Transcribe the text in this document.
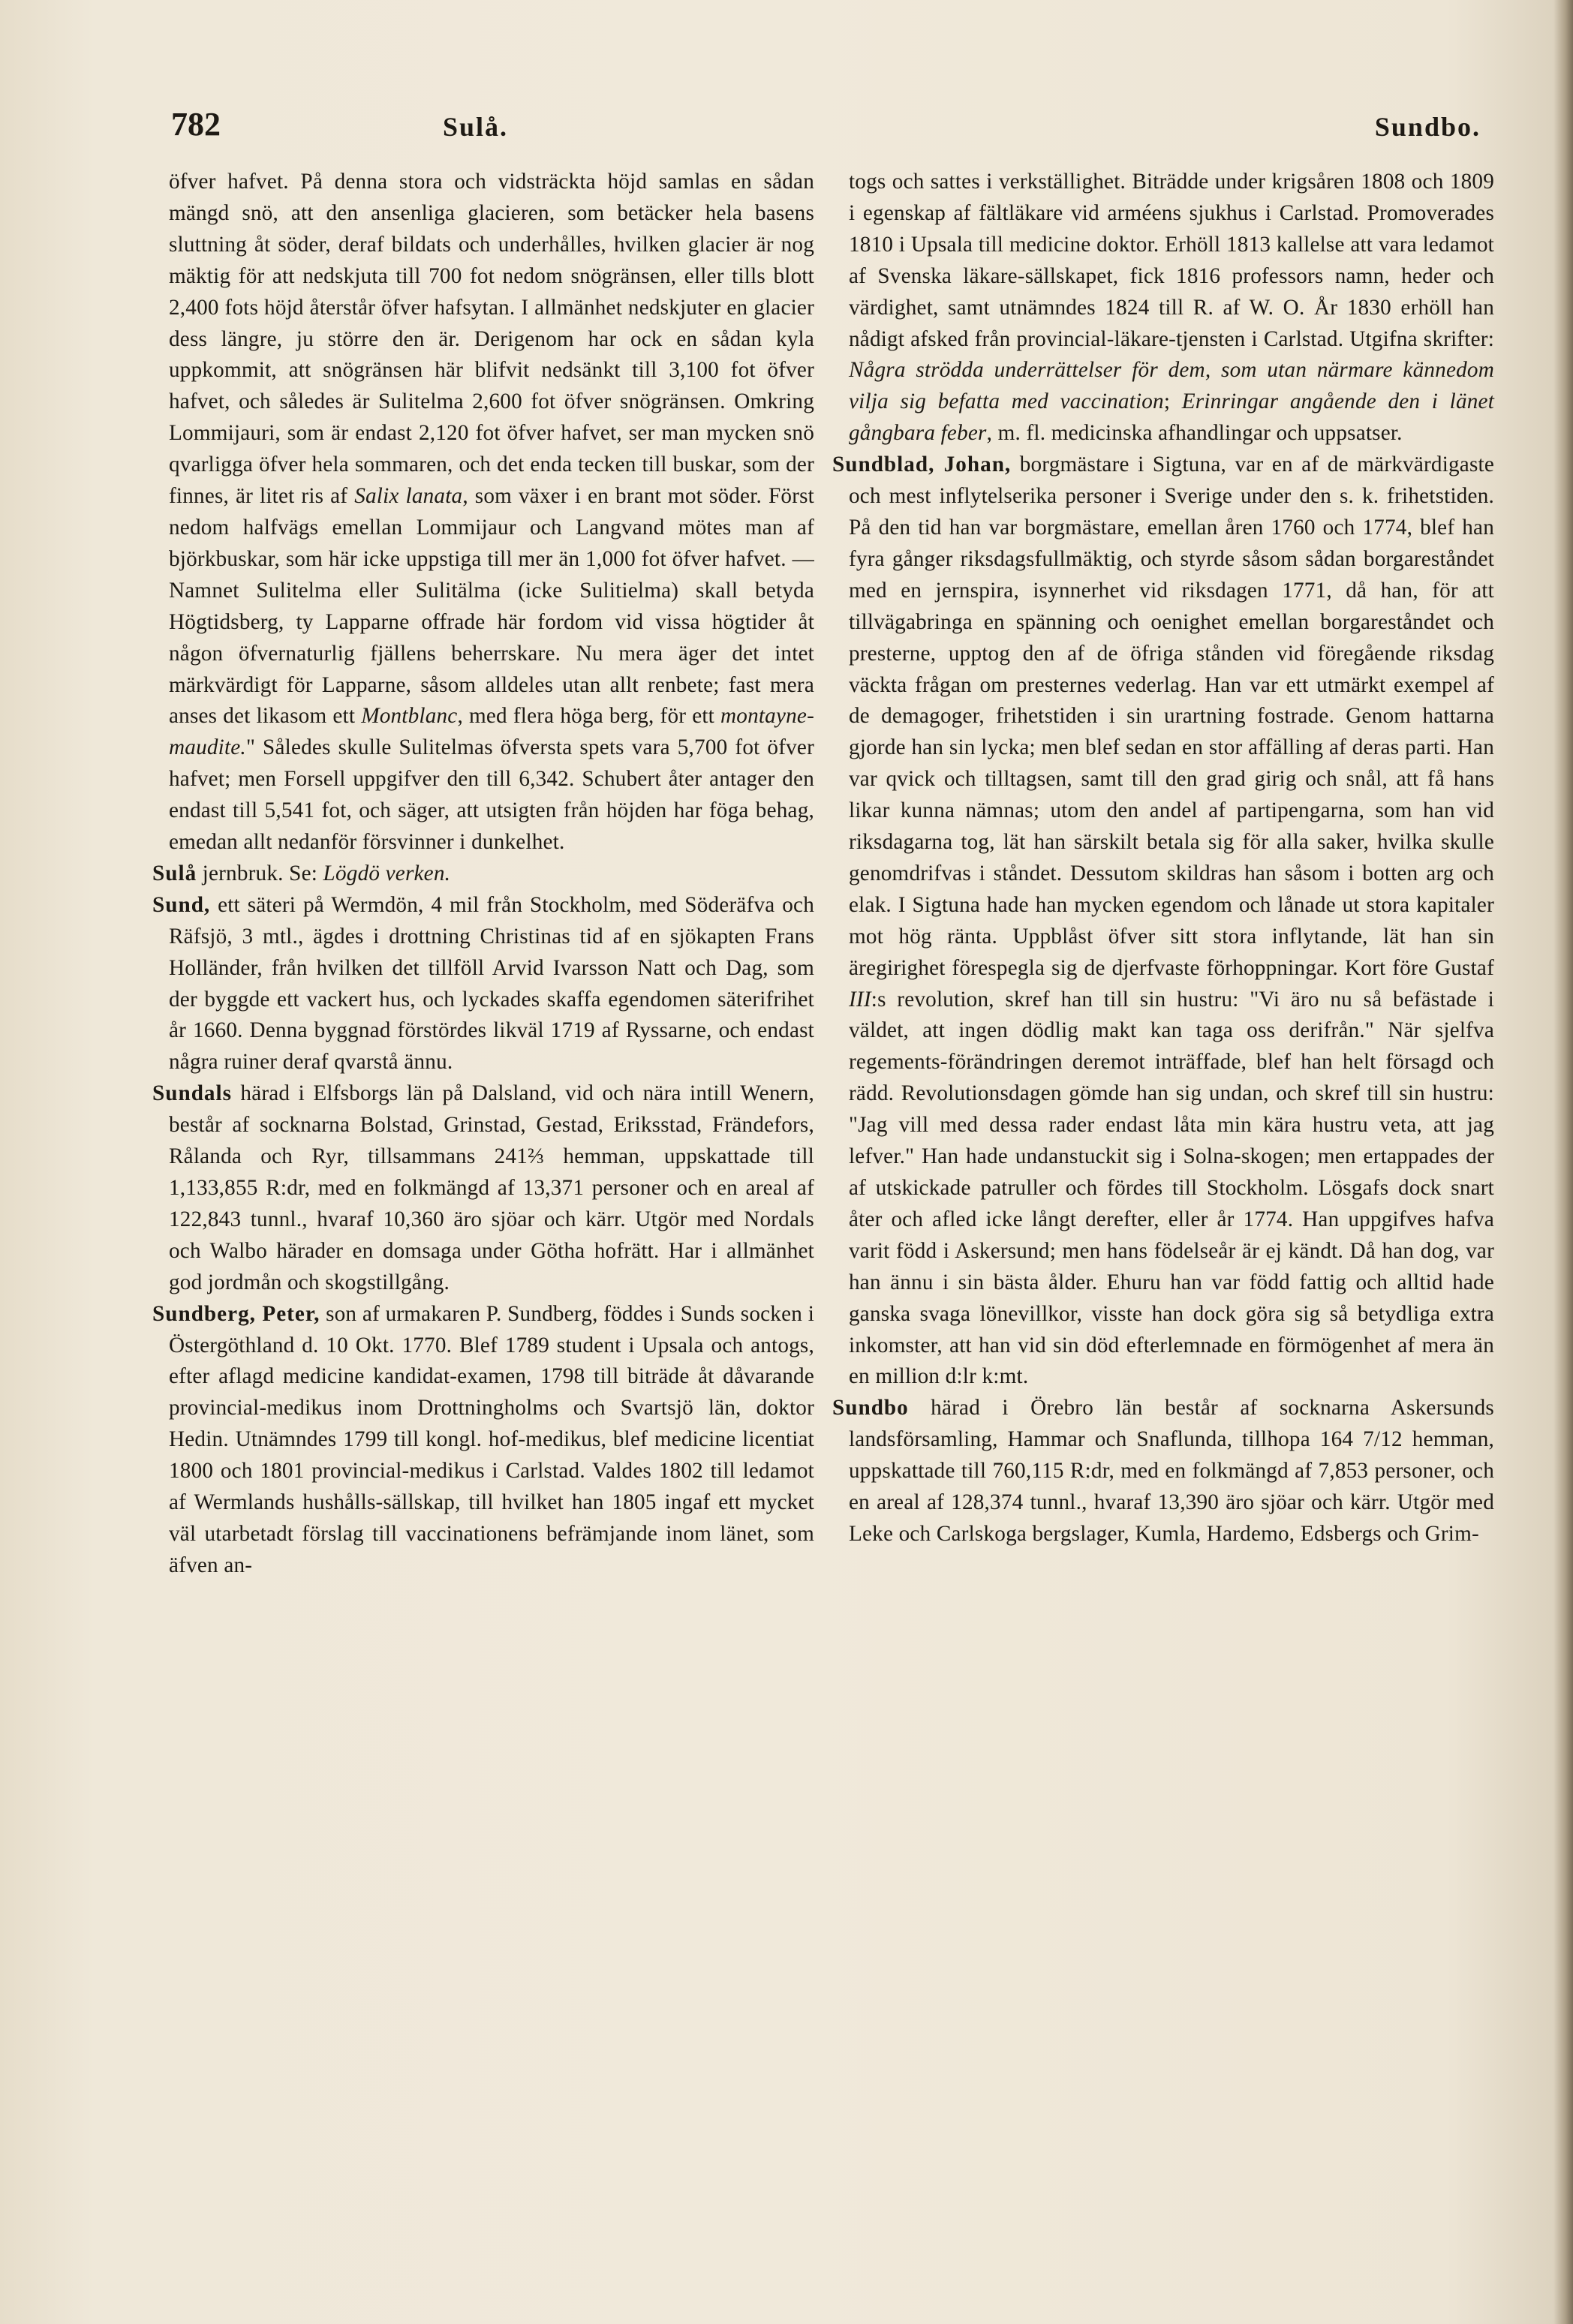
782	Sulå.	Sundbo.

öfver hafvet. På denna stora och vidsträckta höjd samlas en sådan mängd snö, att den ansenliga glacieren, som betäcker hela basens sluttning åt söder, deraf bildats och underhålles, hvilken glacier är nog mäktig för att nedskjuta till 700 fot nedom snögränsen, eller tills blott 2,400 fots höjd återstår öfver hafsytan. I allmänhet nedskjuter en glacier dess längre, ju större den är. Derigenom har ock en sådan kyla uppkommit, att snögränsen här blifvit nedsänkt till 3,100 fot öfver hafvet, och således är Sulitelma 2,600 fot öfver snögränsen. Omkring Lommijauri, som är endast 2,120 fot öfver hafvet, ser man mycken snö qvarligga öfver hela sommaren, och det enda tecken till buskar, som der finnes, är litet ris af Salix lanata, som växer i en brant mot söder. Först nedom halfvägs emellan Lommijaur och Langvand mötes man af björkbuskar, som här icke uppstiga till mer än 1,000 fot öfver hafvet. — Namnet Sulitelma eller Sulitälma (icke Sulitielma) skall betyda Högtidsberg, ty Lapparne offrade här fordom vid vissa högtider åt någon öfvernaturlig fjällens beherrskare. Nu mera äger det intet märkvärdigt för Lapparne, såsom alldeles utan allt renbete; fast mera anses det likasom ett Montblanc, med flera höga berg, för ett montayne-maudite." Således skulle Sulitelmas öfversta spets vara 5,700 fot öfver hafvet; men Forsell uppgifver den till 6,342. Schubert åter antager den endast till 5,541 fot, och säger, att utsigten från höjden har föga behag, emedan allt nedanför försvinner i dunkelhet.

Sulå jernbruk. Se: Lögdö verken.

Sund, ett säteri på Wermdön, 4 mil från Stockholm, med Söderäfva och Räfsjö, 3 mtl., ägdes i drottning Christinas tid af en sjökapten Frans Holländer, från hvilken det tillföll Arvid Ivarsson Natt och Dag, som der byggde ett vackert hus, och lyckades skaffa egendomen säterifrihet år 1660. Denna byggnad förstördes likväl 1719 af Ryssarne, och endast några ruiner deraf qvarstå ännu.

Sundals härad i Elfsborgs län på Dalsland, vid och nära intill Wenern, består af socknarna Bolstad, Grinstad, Gestad, Eriksstad, Frändefors, Rålanda och Ryr, tillsammans 241⅔ hemman, uppskattade till 1,133,855 R:dr, med en folkmängd af 13,371 personer och en areal af 122,843 tunnl., hvaraf 10,360 äro sjöar och kärr. Utgör med Nordals och Walbo härader en domsaga under Götha hofrätt. Har i allmänhet god jordmån och skogstillgång.

Sundberg, Peter, son af urmakaren P. Sundberg, föddes i Sunds socken i Östergöthland d. 10 Okt. 1770. Blef 1789 student i Upsala och antogs, efter aflagd medicine kandidat-examen, 1798 till biträde åt dåvarande provincial-medikus inom Drottningholms och Svartsjö län, doktor Hedin. Utnämndes 1799 till kongl. hof-medikus, blef medicine licentiat 1800 och 1801 provincial-medikus i Carlstad. Valdes 1802 till ledamot af Wermlands hushålls-sällskap, till hvilket han 1805 ingaf ett mycket väl utarbetadt förslag till vaccinationens befrämjande inom länet, som äfven an-

togs och sattes i verkställighet. Biträdde under krigsåren 1808 och 1809 i egenskap af fältläkare vid arméens sjukhus i Carlstad. Promoverades 1810 i Upsala till medicine doktor. Erhöll 1813 kallelse att vara ledamot af Svenska läkare-sällskapet, fick 1816 professors namn, heder och värdighet, samt utnämndes 1824 till R. af W. O. År 1830 erhöll han nådigt afsked från provincial-läkare-tjensten i Carlstad. Utgifna skrifter: Några strödda underrättelser för dem, som utan närmare kännedom vilja sig befatta med vaccination; Erinringar angående den i länet gångbara feber, m. fl. medicinska afhandlingar och uppsatser.

Sundblad, Johan, borgmästare i Sigtuna, var en af de märkvärdigaste och mest inflytelserika personer i Sverige under den s. k. frihetstiden. På den tid han var borgmästare, emellan åren 1760 och 1774, blef han fyra gånger riksdagsfullmäktig, och styrde såsom sådan borgareståndet med en jernspira, isynnerhet vid riksdagen 1771, då han, för att tillvägabringa en spänning och oenighet emellan borgareståndet och presterne, upptog den af de öfriga stånden vid föregående riksdag väckta frågan om presternes vederlag. Han var ett utmärkt exempel af de demagoger, frihetstiden i sin urartning fostrade. Genom hattarna gjorde han sin lycka; men blef sedan en stor affälling af deras parti. Han var qvick och tilltagsen, samt till den grad girig och snål, att få hans likar kunna nämnas; utom den andel af partipengarna, som han vid riksdagarna tog, lät han särskilt betala sig för alla saker, hvilka skulle genomdrifvas i ståndet. Dessutom skildras han såsom i botten arg och elak. I Sigtuna hade han mycken egendom och lånade ut stora kapitaler mot hög ränta. Uppblåst öfver sitt stora inflytande, lät han sin äregirighet förespegla sig de djerfvaste förhoppningar. Kort före Gustaf III:s revolution, skref han till sin hustru: "Vi äro nu så befästade i väldet, att ingen dödlig makt kan taga oss derifrån." När sjelfva regements-förändringen deremot inträffade, blef han helt försagd och rädd. Revolutionsdagen gömde han sig undan, och skref till sin hustru: "Jag vill med dessa rader endast låta min kära hustru veta, att jag lefver." Han hade undanstuckit sig i Solna-skogen; men ertappades der af utskickade patruller och fördes till Stockholm. Lösgafs dock snart åter och afled icke långt derefter, eller år 1774. Han uppgifves hafva varit född i Askersund; men hans födelseår är ej kändt. Då han dog, var han ännu i sin bästa ålder. Ehuru han var född fattig och alltid hade ganska svaga lönevillkor, visste han dock göra sig så betydliga extra inkomster, att han vid sin död efterlemnade en förmögenhet af mera än en million d:lr k:mt.

Sundbo härad i Örebro län består af socknarna Askersunds landsförsamling, Hammar och Snaflunda, tillhopa 164 7/12 hemman, uppskattade till 760,115 R:dr, med en folkmängd af 7,853 personer, och en areal af 128,374 tunnl., hvaraf 13,390 äro sjöar och kärr. Utgör med Leke och Carlskoga bergslager, Kumla, Hardemo, Edsbergs och Grim-
